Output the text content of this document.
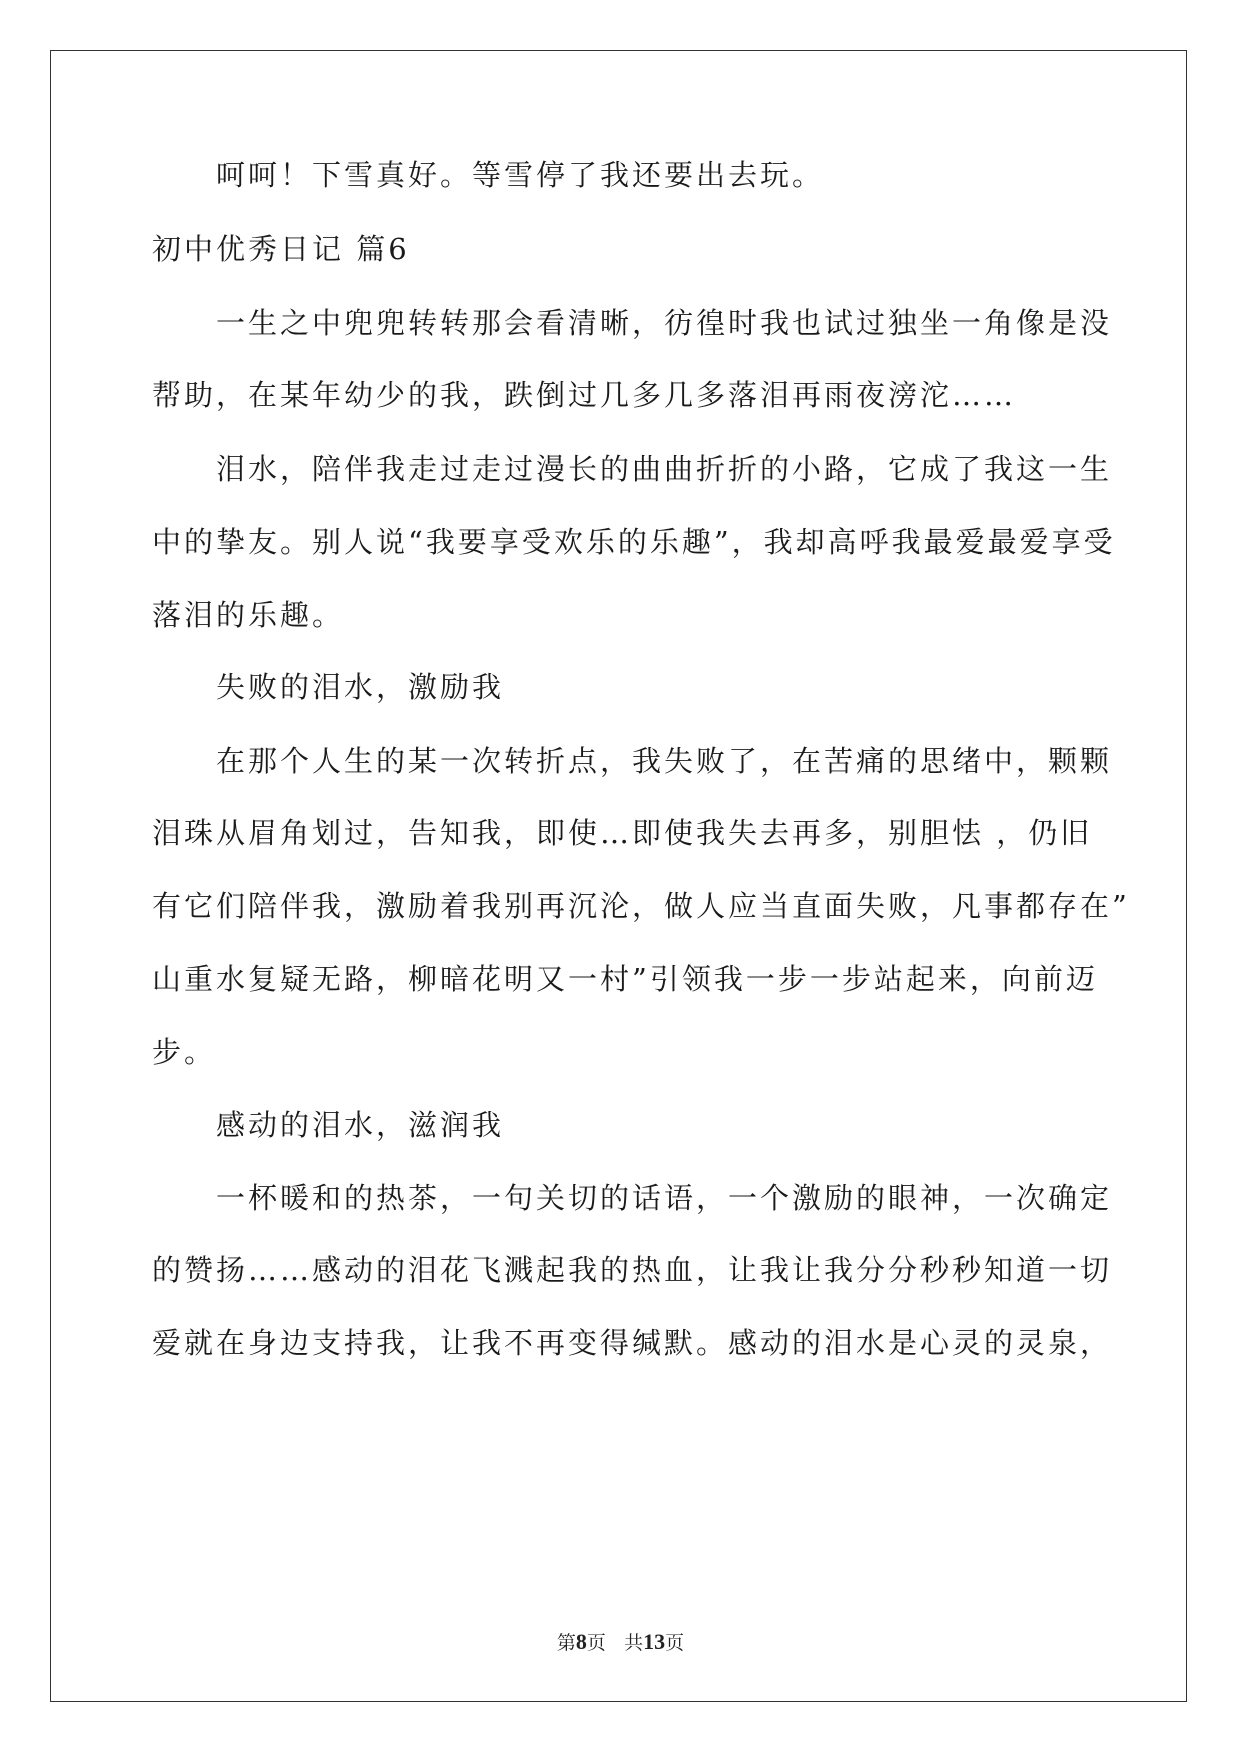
呵呵！下雪真好。等雪停了我还要出去玩。
初中优秀日记 篇6
一生之中兜兜转转那会看清晰，彷徨时我也试过独坐一角像是没
帮助，在某年幼少的我，跌倒过几多几多落泪再雨夜滂沱……
泪水，陪伴我走过走过漫长的曲曲折折的小路，它成了我这一生
中的挚友。别人说“我要享受欢乐的乐趣”，我却高呼我最爱最爱享受
落泪的乐趣。
失败的泪水，激励我
在那个人生的某一次转折点，我失败了，在苦痛的思绪中，颗颗
泪珠从眉角划过，告知我，即使…即使我失去再多，别胆怯 ，仍旧
有它们陪伴我，激励着我别再沉沦，做人应当直面失败，凡事都存在”
山重水复疑无路，柳暗花明又一村”引领我一步一步站起来，向前迈
步。
感动的泪水，滋润我
一杯暖和的热茶，一句关切的话语，一个激励的眼神，一次确定
的赞扬……感动的泪花飞溅起我的热血，让我让我分分秒秒知道一切
爱就在身边支持我，让我不再变得缄默。感动的泪水是心灵的灵泉，
第8页 共13页
